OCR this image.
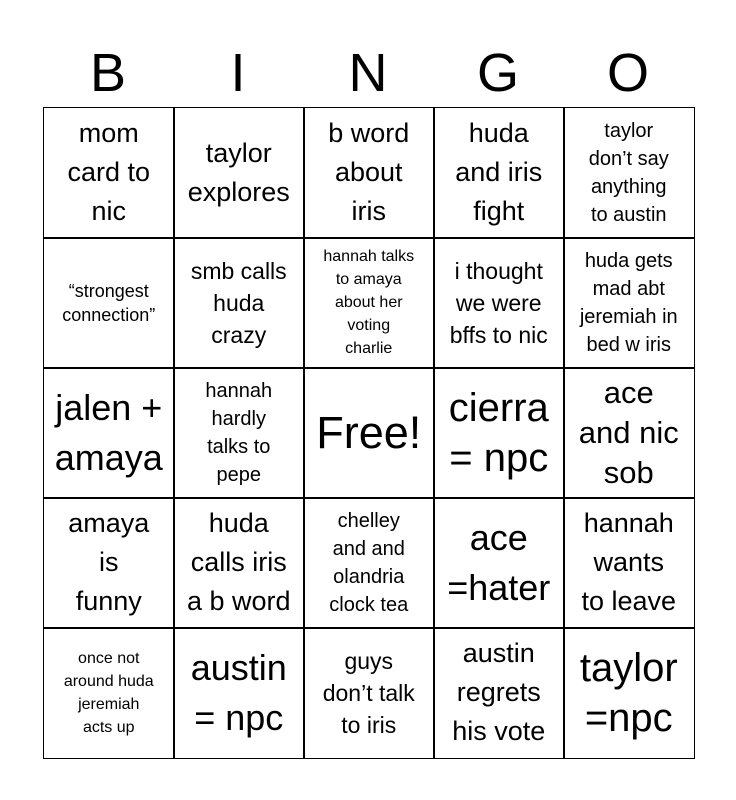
B	I	N	G	O
mom
card to
nic
taylor
explores
b word
about
iris
huda
and iris
fight
taylor
don’t say
anything
to austin
“strongest
connection”
smb calls
huda
crazy
hannah talks
to amaya
about her
voting
charlie
i thought
we were
bffs to nic
huda gets
mad abt
jeremiah in
bed w iris
jalen +
amaya
hannah
hardly
talks to
pepe
Free! cierra
= npc
ace
and nic
sob
amaya
is
funny
huda
calls iris
a b word
chelley
and and
olandria
clock tea
ace
=hater
hannah
wants
to leave
once not
around huda
jeremiah
acts up
austin
= npc
guys
don’t talk
to iris
austin
regrets
his vote
taylor
=npc
